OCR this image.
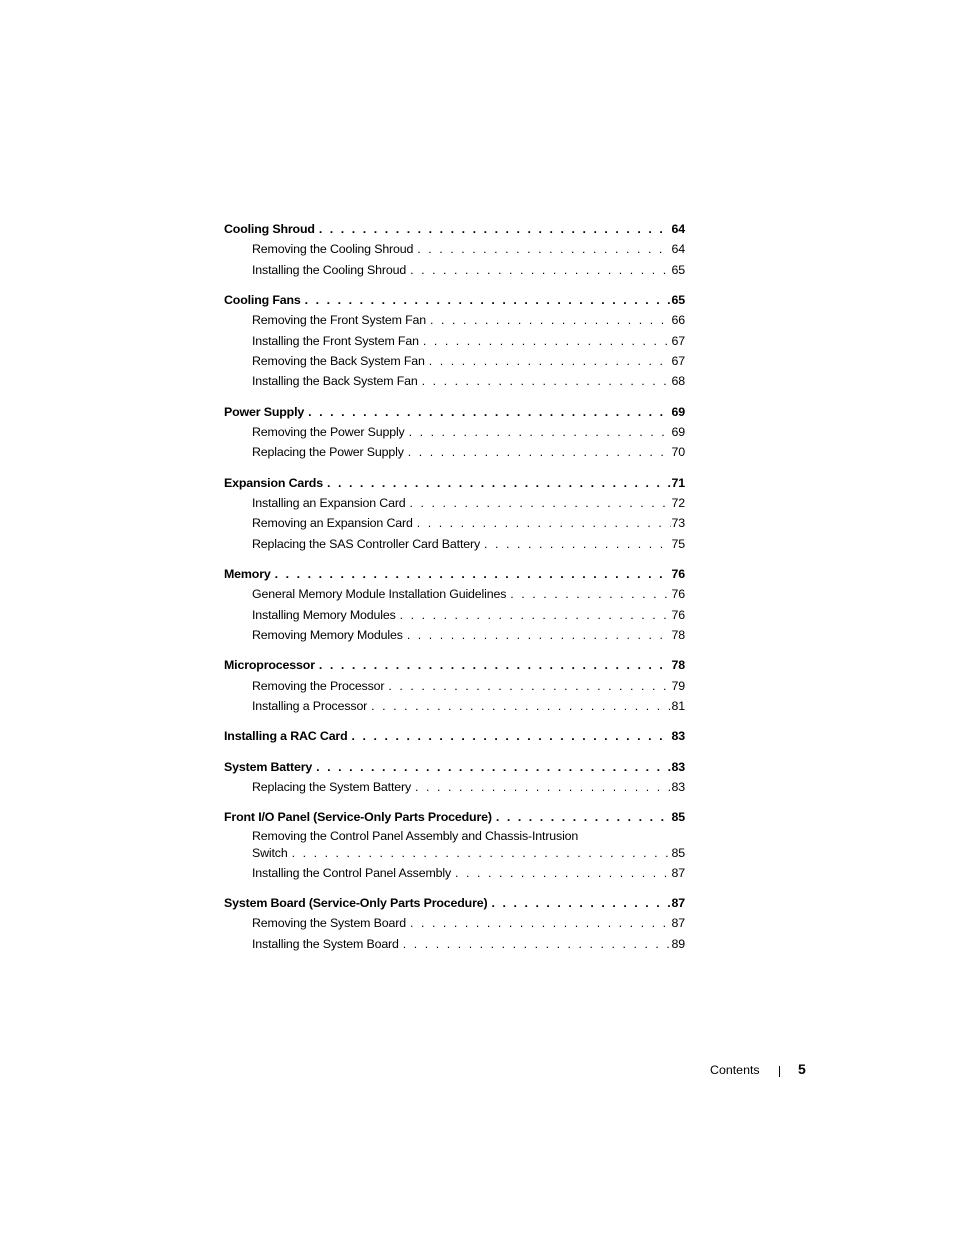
Cooling Shroud . . .	64
Removing the Cooling Shroud . . .	64
Installing the Cooling Shroud . . .	65
Cooling Fans . . .	65
Removing the Front System Fan . . .	66
Installing the Front System Fan . . .	67
Removing the Back System Fan . . .	67
Installing the Back System Fan . . .	68
Power Supply . . .	69
Removing the Power Supply . . .	69
Replacing the Power Supply . . .	70
Expansion Cards . . .	71
Installing an Expansion Card . . .	72
Removing an Expansion Card . . .	73
Replacing the SAS Controller Card Battery . . .	75
Memory . . .	76
General Memory Module Installation Guidelines . . .	76
Installing Memory Modules . . .	76
Removing Memory Modules . . .	78
Microprocessor . . .	78
Removing the Processor . . .	79
Installing a Processor . . .	81
Installing a RAC Card . . .	83
System Battery . . .	83
Replacing the System Battery . . .	83
Front I/O Panel (Service-Only Parts Procedure) . . .	85
Removing the Control Panel Assembly and Chassis-Intrusion
Switch . . .	85
Installing the Control Panel Assembly . . .	87
System Board (Service-Only Parts Procedure) . . .	87
Removing the System Board . . .	87
Installing the System Board . . .	89
Contents	5
